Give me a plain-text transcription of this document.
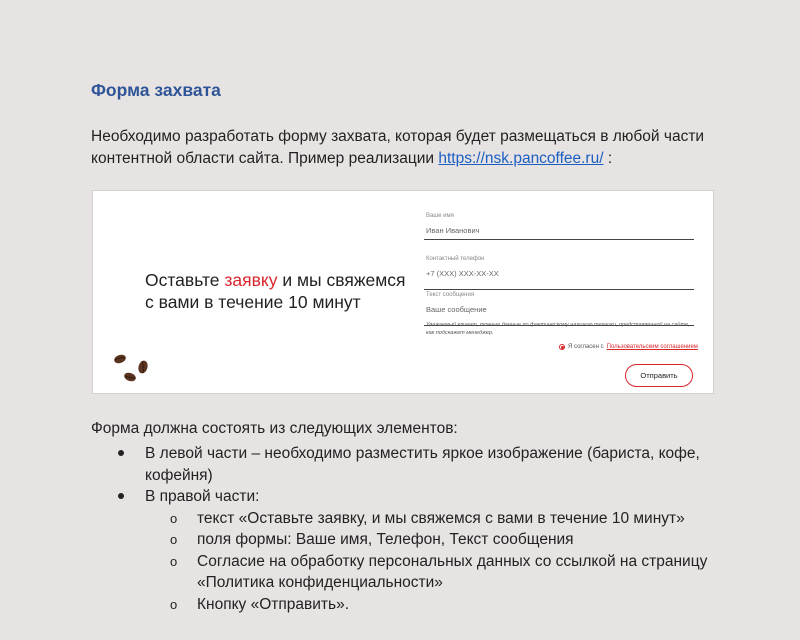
Форма захвата

Необходимо разработать форму захвата, которая будет размещаться в любой части контентной области сайта. Пример реализации https://nsk.pancoffee.ru/ :

Оставьте заявку и мы свяжемся с вами в течение 10 минут

Ваше имя
Иван Иванович
Контактный телефон
+7 (XXX) XXX-XX-XX
Текст сообщения
Ваше сообщение
Уважаемый клиент, точные данные по фактическому наличию техники, представленной на сайте, как подскажет менеджер.
Я согласен с Пользовательским соглашением
Отправить

Форма должна состоять из следующих элементов:

В левой части – необходимо разместить яркое изображение (бариста, кофе, кофейня)
В правой части:
o текст «Оставьте заявку, и мы свяжемся с вами в течение 10 минут»
o поля формы: Ваше имя, Телефон, Текст сообщения
o Согласие на обработку персональных данных со ссылкой на страницу «Политика конфиденциальности»
o Кнопку «Отправить».
